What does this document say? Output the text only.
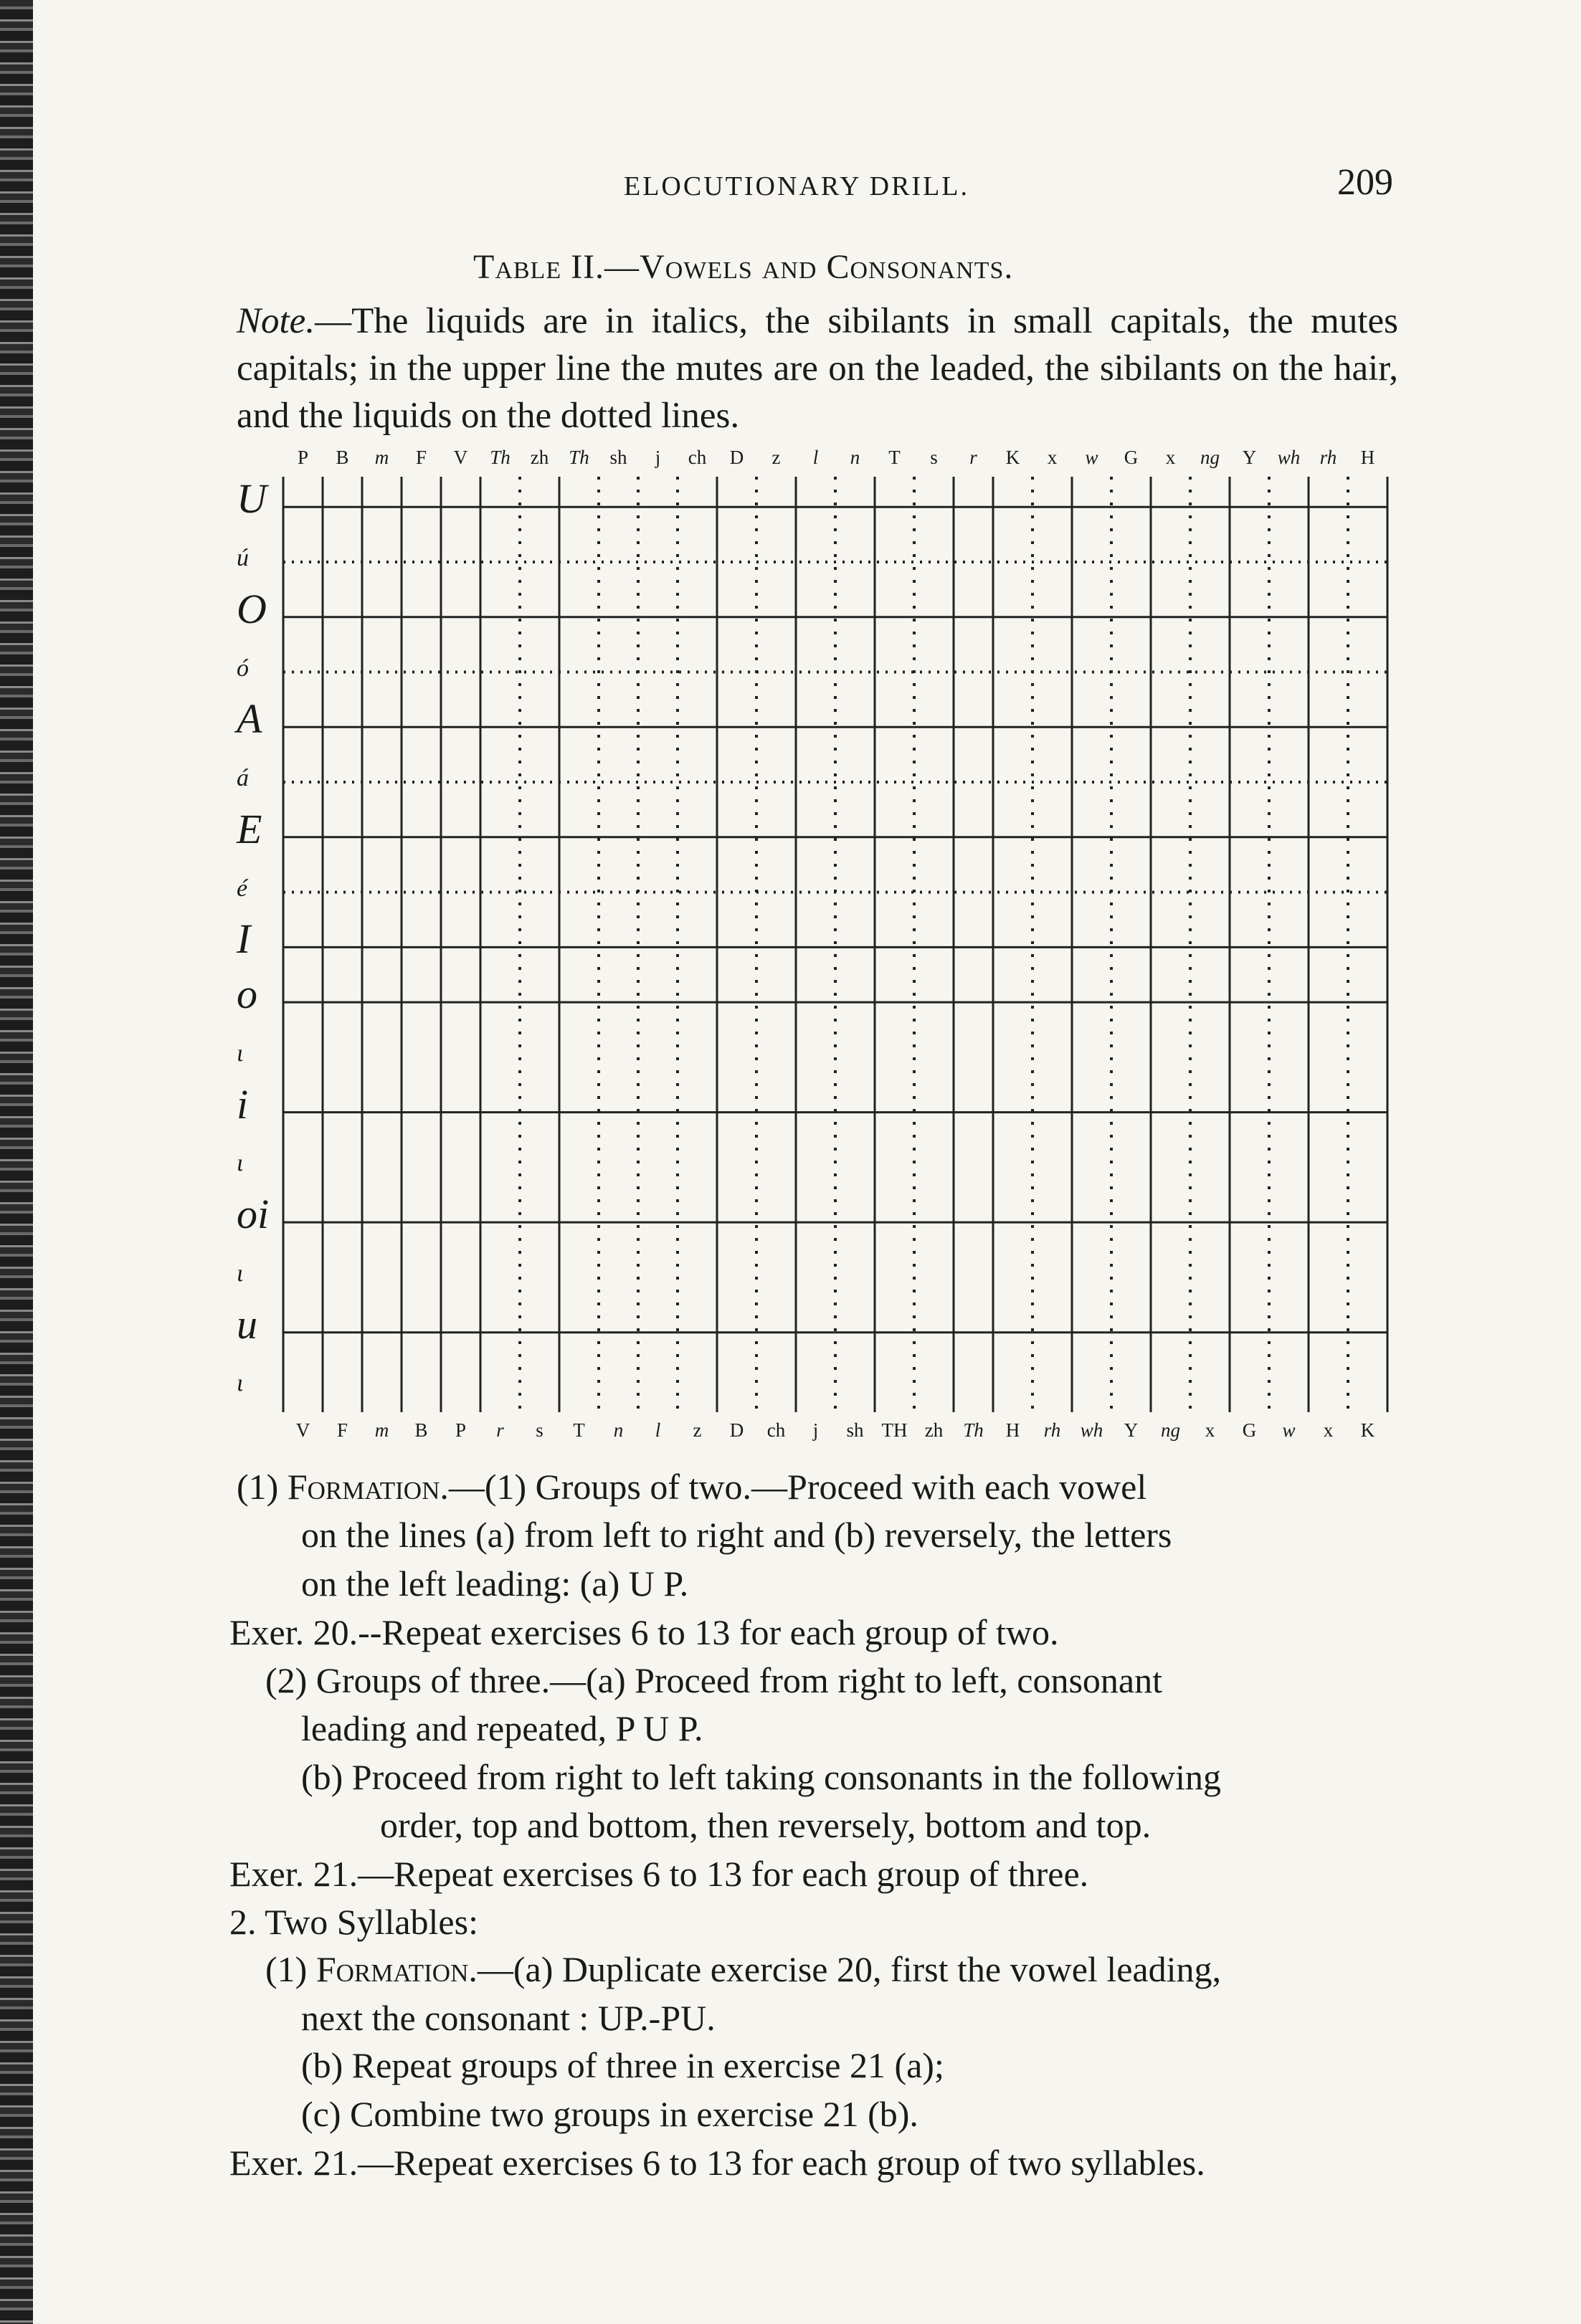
ELOCUTIONARY DRILL.	209
Table II.—Vowels and Consonants.
Note.—The liquids are in italics, the sibilants in small capitals, the mutes capitals; in the upper line the mutes are on the leaded, the sibilants on the hair, and the liquids on the dotted lines.
P	B	m	F	V	Th	zh	Th	sh	j	ch	D	z	l	n	T	s	r	K	x	w	G	x	ng	Y	wh	rh	H
U
ú
O
ó
A
á
E
é
I
o
ι
i
ι
oi
ι
u
ι
V	F	m	B	P	r	s	T	n	l	z	D	ch	j	sh TH zh	Th	H	rh	wh	Y	ng	x	G	w	x	K
(1) Formation.—(1) Groups of two.—Proceed with each vowel
on the lines (a) from left to right and (b) reversely, the letters
on the left leading: (a) U P.
Exer. 20.--Repeat exercises 6 to 13 for each group of two.
(2) Groups of three.—(a) Proceed from right to left, consonant
leading and repeated, P U P.
(b) Proceed from right to left taking consonants in the following
order, top and bottom, then reversely, bottom and top.
Exer. 21.—Repeat exercises 6 to 13 for each group of three.
2. Two Syllables:
(1) Formation.—(a) Duplicate exercise 20, first the vowel leading,
next the consonant : UP.-PU.
(b) Repeat groups of three in exercise 21 (a);
(c) Combine two groups in exercise 21 (b).
Exer. 21.—Repeat exercises 6 to 13 for each group of two syllables.
